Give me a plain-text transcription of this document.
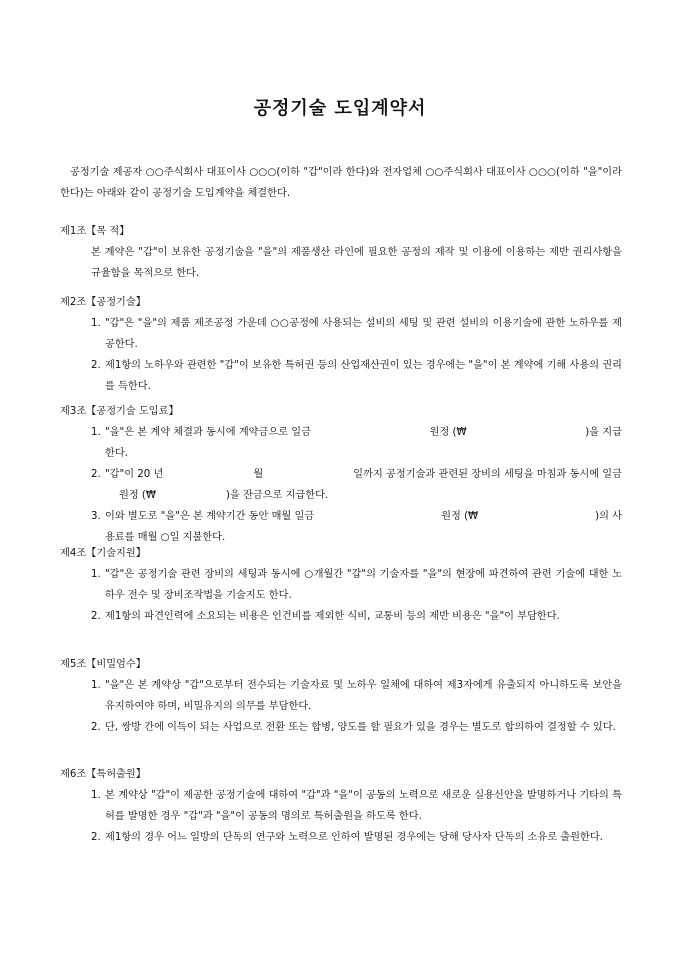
공정기술 도입계약서
공정기술 제공자 ○○주식회사 대표이사 ○○○(이하 "갑"이라 한다)와 전자업체 ○○주식회사 대표이사 ○○○(이하 "을"이라 한다)는 아래와 같이 공정기술 도입계약을 체결한다.
제1조【목 적】
본 계약은 "갑"이 보유한 공정기술을 "을"의 제품생산 라인에 필요한 공정의 제작 및 이용에 이용하는 제반 권리사항을 규율함을 목적으로 한다.
제2조【공정기술】
1. "갑"은 "을"의 제품 제조공정 가운데 ○○공정에 사용되는 설비의 세팅 및 관련 설비의 이용기술에 관한 노하우를 제공한다.
2. 제1항의 노하우와 관련한 "갑"이 보유한 특허권 등의 산업재산권이 있는 경우에는 "을"이 본 계약에 기해 사용의 권리를 득한다.
제3조【공정기술 도입료】
1. "을"은 본 계약 체결과 동시에 계약금으로 일금	원정 (₩	)을 지급
한다.
2. "갑"이 20 년	월	일까지 공정기술과 관련된 장비의 세팅을 마침과 동시에 일금
원정 (₩	)을 잔금으로 지급한다.
3. 이와 별도로 "을"은 본 계약기간 동안 매월 일금	원정 (₩	)의 사
용료를 매월 ○일 지불한다.
제4조【기술지원】
1. "갑"은 공정기술 관련 장비의 세팅과 동시에 ○개월간 "갑"의 기술자를 "을"의 현장에 파견하여 관련 기술에 대한 노하우 전수 및 장비조작법을 기술지도 한다.
2. 제1항의 파견인력에 소요되는 비용은 인건비를 제외한 식비, 교통비 등의 제반 비용은 "을"이 부담한다.
제5조【비밀엄수】
1. "을"은 본 계약상 "갑"으로부터 전수되는 기술자료 및 노하우 일체에 대하여 제3자에게 유출되지 아니하도록 보안을 유지하여야 하며, 비밀유지의 의무를 부담한다.
2. 단, 쌍방 간에 이득이 되는 사업으로 전환 또는 합병, 양도를 할 필요가 있을 경우는 별도로 합의하여 결정할 수 있다.
제6조【특허출원】
1. 본 계약상 "갑"이 제공한 공정기술에 대하여 "갑"과 "을"이 공동의 노력으로 새로운 실용신안을 발명하거나 기타의 특허를 발명한 경우 "갑"과 "을"이 공동의 명의로 특허출원을 하도록 한다.
2. 제1항의 경우 어느 일방의 단독의 연구와 노력으로 인하여 발명된 경우에는 당해 당사자 단독의 소유로 출원한다.
